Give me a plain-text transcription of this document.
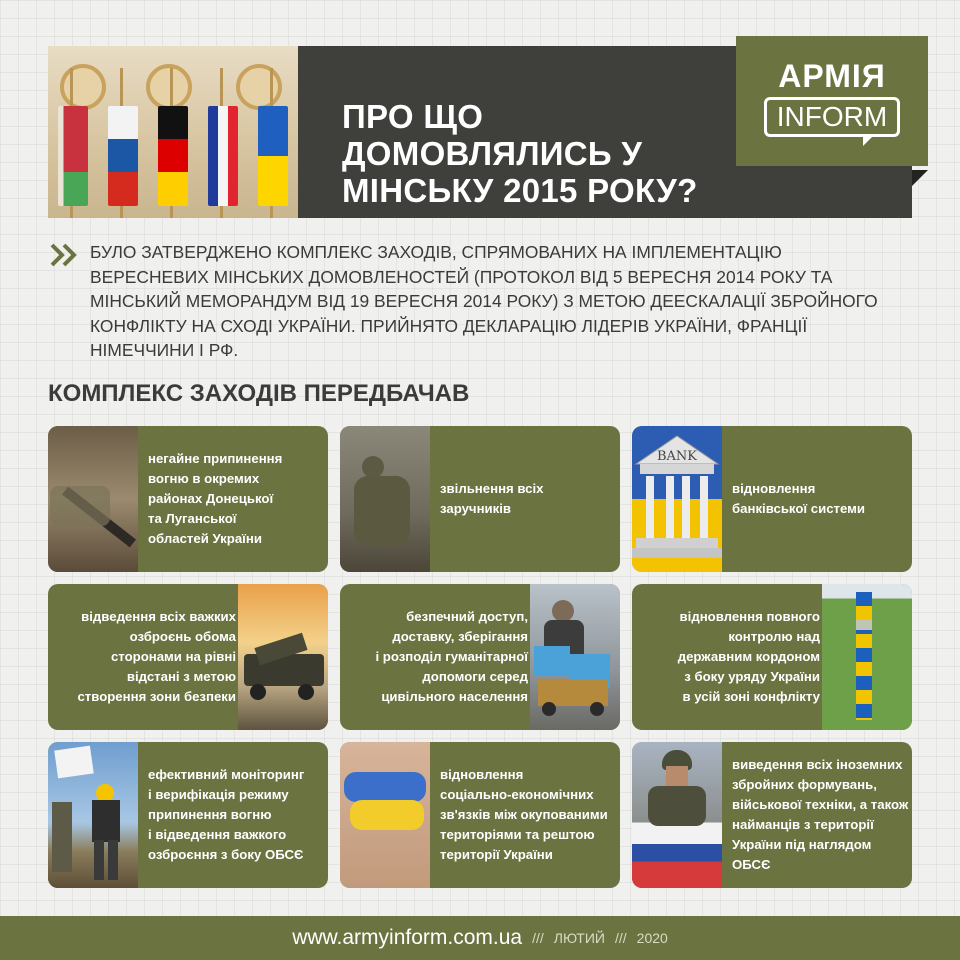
ПРО ЩО ДОМОВЛЯЛИСЬ У МІНСЬКУ 2015 РОКУ?
АРМІЯ
INFORM
БУЛО ЗАТВЕРДЖЕНО КОМПЛЕКС ЗАХОДІВ, СПРЯМОВАНИХ НА ІМПЛЕМЕНТАЦІЮ ВЕРЕСНЕВИХ МІНСЬКИХ ДОМОВЛЕНОСТЕЙ (ПРОТОКОЛ ВІД 5 ВЕРЕСНЯ 2014 РОКУ ТА МІНСЬКИЙ МЕМОРАНДУМ ВІД 19 ВЕРЕСНЯ 2014 РОКУ) З МЕТОЮ ДЕЕСКАЛАЦІЇ ЗБРОЙНОГО КОНФЛІКТУ НА СХОДІ УКРАЇНИ. ПРИЙНЯТО ДЕКЛАРАЦІЮ ЛІДЕРІВ УКРАЇНИ, ФРАНЦІЇ НІМЕЧЧИНИ І РФ.
КОМПЛЕКС ЗАХОДІВ ПЕРЕДБАЧАВ
негайне припинення
вогню в окремих
районах Донецької
та Луганської
областей України
звільнення всіх
заручників
BANK
відновлення
банківської системи
відведення всіх важких
озброєнь обома
сторонами на рівні
відстані з метою
створення зони безпеки
безпечний доступ,
доставку, зберігання
і розподіл гуманітарної
допомоги серед
цивільного населення
відновлення повного
контролю над
державним кордоном
з боку уряду України
в усій зоні конфлікту
ефективний моніторинг
і верифікація режиму
припинення вогню
і відведення важкого
озброєння з боку ОБСЄ
відновлення
соціально-економічних
зв'язків між окупованими
територіями та рештою
території України
виведення всіх іноземних
збройних формувань,
військової техніки, а також
найманців з території
України під наглядом ОБСЄ
www.armyinform.com.ua /// ЛЮТИЙ /// 2020
